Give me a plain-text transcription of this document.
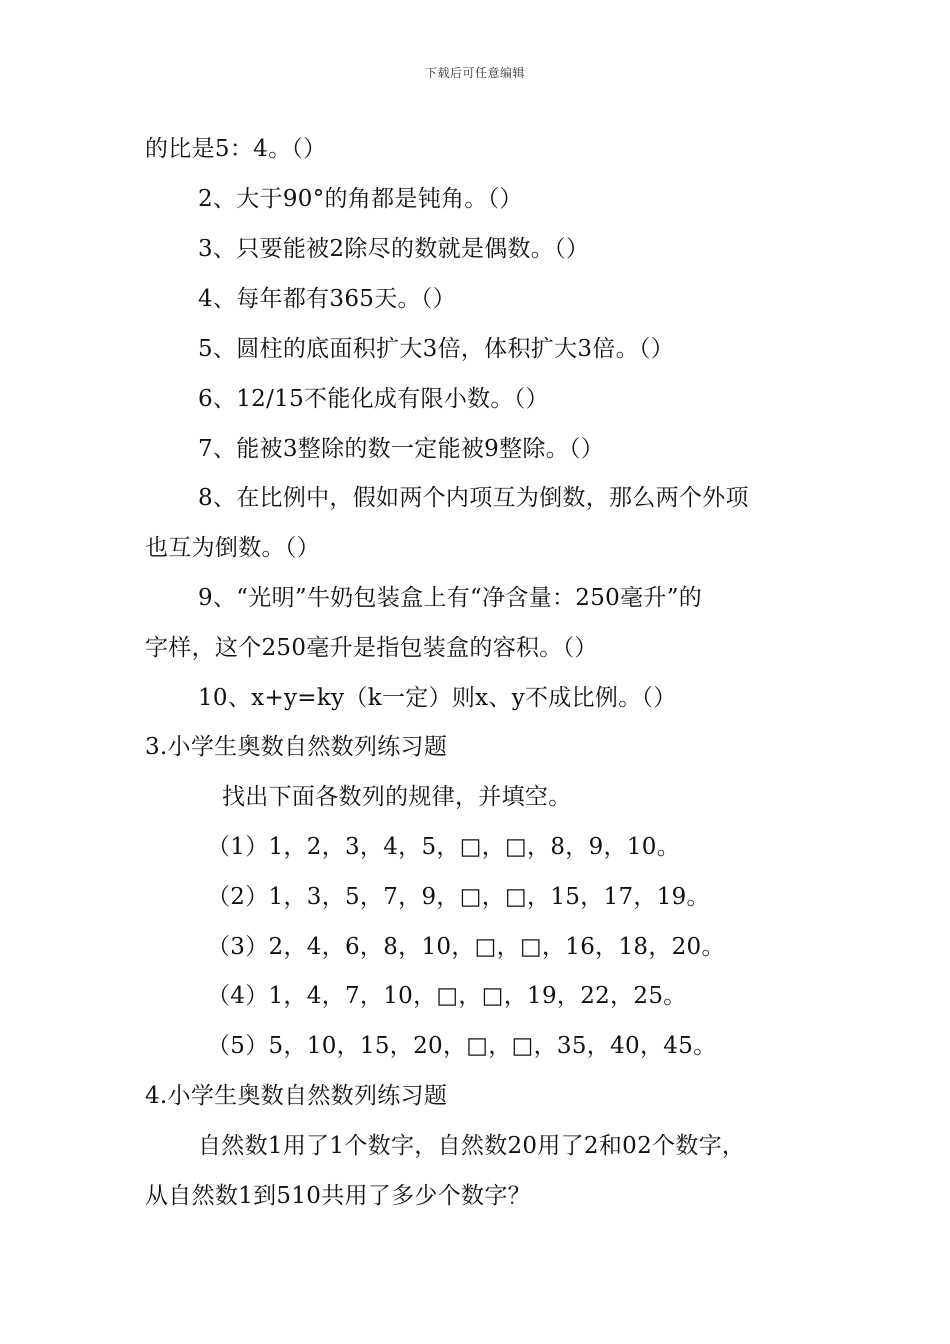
下载后可任意编辑
的比是5：4。（）
2、大于90°的角都是钝角。（）
3、只要能被2除尽的数就是偶数。（）
4、每年都有365天。（）
5、圆柱的底面积扩大3倍，体积扩大3倍。（）
6、12/15不能化成有限小数。（）
7、能被3整除的数一定能被9整除。（）
8、在比例中，假如两个内项互为倒数，那么两个外项
也互为倒数。（）
9、“光明”牛奶包装盒上有“净含量：250毫升”的
字样，这个250毫升是指包装盒的容积。（）
10、x+y=ky（k一定）则x、y不成比例。（）
3.小学生奥数自然数列练习题
找出下面各数列的规律，并填空。
（1）1，2，3，4，5，□，□，8，9，10。
（2）1，3，5，7，9，□，□，15，17，19。
（3）2，4，6，8，10，□，□，16，18，20。
（4）1，4，7，10，□，□，19，22，25。
（5）5，10，15，20，□，□，35，40，45。
4.小学生奥数自然数列练习题
自然数1用了1个数字，自然数20用了2和02个数字，
从自然数1到510共用了多少个数字？
